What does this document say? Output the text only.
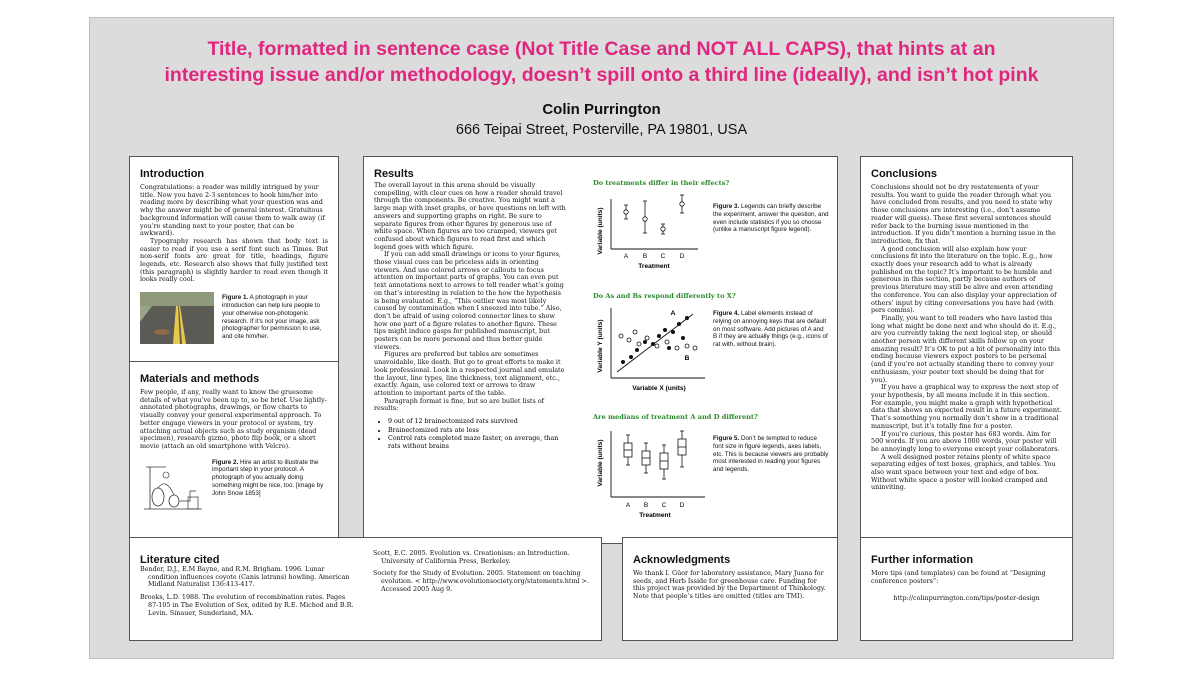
Title, formatted in sentence case (Not Title Case and NOT ALL CAPS), that hints at an
interesting issue and/or methodology, doesn’t spill onto a third line (ideally), and isn’t hot pink
Colin Purrington
666 Teipai Street, Posterville, PA 19801, USA
Introduction

Congratulations: a reader was mildly intrigued by your title. Now you have 2-3 sentences to hook him/her into reading more by describing what your question was and why the answer might be of general interest. Gratuitous background information will cause them to walk away (if you’re standing next to your poster, that can be awkward).

Typography research has shown that body text is easier to read if you use a serif font such as Times. But non-serif fonts are great for title, headings, figure legends, etc. Research also shows that fully justified text (this paragraph) is slightly harder to read even though it looks really cool.

Figure 1. A photograph in your introduction can help lure people to your otherwise non-photogenic research. If it’s not your image, ask photographer for permission to use, and cite him/her.
Materials and methods

Few people, if any, really want to know the gruesome details of what you’ve been up to, so be brief. Use lightly-annotated photographs, drawings, or flow charts to visually convey your general experimental approach. To better engage viewers in your protocol or system, try attaching actual objects such as study organism (dead specimen), research gizmo, photo flip book, or a short movie (attach an old smartphone with Velcro).

Figure 2. Hire an artist to illustrate the important step in your protocol. A photograph of you actually doing something might be nice, too. [image by John Snow 1853]
Results

The overall layout in this arena should be visually compelling, with clear cues on how a reader should travel through the components. Be creative. You might want a large map with inset graphs, or have questions on left with answers and supporting graphs on right. Be sure to separate figures from other figures by generous use of white space. When figures are too cramped, viewers get confused about which figures to read first and which legend goes with which figure.

If you can add small drawings or icons to your figures, those visual cues can be priceless aids in orienting viewers. And use colored arrows or callouts to focus attention on important parts of graphs. You can even put text annotations next to arrows to tell reader what’s going on that’s interesting in relation to the how the hypothesis is being evaluated. E.g., “This outlier was most likely caused by contamination when I sneezed into tube.” Also, don’t be afraid of using colored connector lines to show how one part of a figure relates to another figure. These tips might induce gasps for published manuscript, but posters can be more personal and thus better guide viewers.

Figures are preferred but tables are sometimes unavoidable, like death. But go to great efforts to make it look professional. Look in a respected journal and emulate the layout, line types, line thickness, text alignment, etc., exactly. Again, use colored text or arrows to draw attention to important parts of the table.

Paragraph format is fine, but so are bullet lists of results:

• 9 out of 12 brainectomized rats survived
• Brainectomized rats ate less
• Control rats completed maze faster, on average, than rats without brains
Do treatments differ in their effects?
Variable (units)
A B C D
Treatment
Figure 3. Legends can briefly describe the experiment, answer the question, and even include statistics if you so choose (unlike a manuscript figure legend).
Do As and Bs respond differently to X?
Variable Y (units)
A
B
Variable X (units)
Figure 4. Label elements instead of relying on annoying keys that are default on most software. Add pictures of A and B if they are actually things (e.g., icons of rat with, without brain).
Are medians of treatment A and D different?
Variable (units)
A B C D
Treatment
Figure 5. Don’t be tempted to reduce font size in figure legends, axes labels, etc. This is because viewers are probably most interested in reading your figures and legends.
Conclusions

Conclusions should not be dry restatements of your results. You want to guide the reader through what you have concluded from results, and you need to state why those conclusions are interesting (i.e., don’t assume reader will guess). These first several sentences should refer back to the burning issue mentioned in the introduction. If you didn’t mention a burning issue in the introduction, fix that.

A good conclusion will also explain how your conclusions fit into the literature on the topic. E.g., how exactly does your research add to what is already published on the topic? It’s important to be humble and generous in this section, partly because authors of previous literature may still be alive and even attending the conference. You can also display your appreciation of others’ input by citing conversations you have had (with pers comms).

Finally, you want to tell readers who have lasted this long what might be done next and who should do it. E.g., are you currently taking the next logical step, or should another person with different skills follow up on your amazing result? It’s OK to put a bit of personality into this ending because viewers expect posters to be personal (and if you’re not actually standing there to convey your enthusiasm, your poster text should be doing that for you).

If you have a graphical way to express the next step of your hypothesis, by all means include it in this section. For example, you might make a graph with hypothetical data that shows an expected result in a future experiment. That’s something you normally don’t show in a traditional manuscript, but it’s totally fine for a poster.

If you’re curious, this poster has 683 words. Aim for 500 words. If you are above 1000 words, your poster will be annoyingly long to everyone except your collaborators.

A well designed poster retains plenty of white space separating edges of text boxes, graphics, and tables. You also want space between your text and edge of box. Without white space a poster will looked cramped and uninviting.

Literature cited

Bender, D.J., E.M Bayne, and R.M. Brigham. 1996. Lunar condition influences coyote (Canis latrans) howling. American Midland Naturalist 136:413-417.

Brooks, L.D. 1988. The evolution of recombination rates. Pages 87-105 in The Evolution of Sex, edited by R.E. Michod and B.R. Levin. Sinauer, Sunderland, MA.

Scott, E.C. 2005. Evolution vs. Creationism: an Introduction. University of California Press, Berkeley.

Society for the Study of Evolution. 2005. Statement on teaching evolution. < http://www.evolutionsociety.org/statements.html >. Accessed 2005 Aug 9.

Acknowledgments

We thank I. Güor for laboratory assistance, Mary Juana for seeds, and Herb Isside for greenhouse care. Funding for this project was provided by the Department of Thinkology. Note that people’s titles are omitted (titles are TMI).

Further information

More tips (and templates) can be found at “Designing conference posters”:

http://colinpurrington.com/tips/poster-design
